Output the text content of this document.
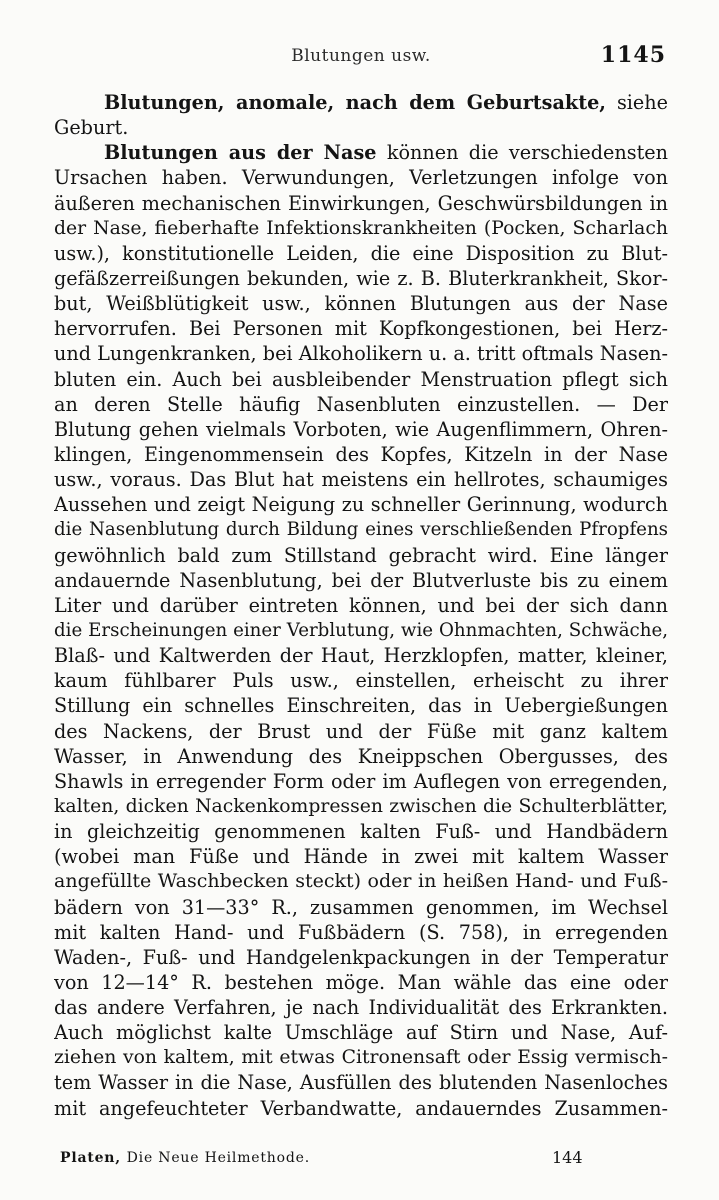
Blutungen usw.	1145
Blutungen, anomale, nach dem Geburtsakte, siehe
Geburt.
Blutungen aus der Nase können die verschiedensten
Ursachen haben. Verwundungen, Verletzungen infolge von
äußeren mechanischen Einwirkungen, Geschwürsbildungen in
der Nase, fieberhafte Infektionskrankheiten (Pocken, Scharlach
usw.), konstitutionelle Leiden, die eine Disposition zu Blut-
gefäßzerreißungen bekunden, wie z. B. Bluterkrankheit, Skor-
but, Weißblütigkeit usw., können Blutungen aus der Nase
hervorrufen. Bei Personen mit Kopfkongestionen, bei Herz-
und Lungenkranken, bei Alkoholikern u. a. tritt oftmals Nasen-
bluten ein. Auch bei ausbleibender Menstruation pflegt sich
an deren Stelle häufig Nasenbluten einzustellen. — Der
Blutung gehen vielmals Vorboten, wie Augenflimmern, Ohren-
klingen, Eingenommensein des Kopfes, Kitzeln in der Nase
usw., voraus. Das Blut hat meistens ein hellrotes, schaumiges
Aussehen und zeigt Neigung zu schneller Gerinnung, wodurch
die Nasenblutung durch Bildung eines verschließenden Pfropfens
gewöhnlich bald zum Stillstand gebracht wird. Eine länger
andauernde Nasenblutung, bei der Blutverluste bis zu einem
Liter und darüber eintreten können, und bei der sich dann
die Erscheinungen einer Verblutung, wie Ohnmachten, Schwäche,
Blaß- und Kaltwerden der Haut, Herzklopfen, matter, kleiner,
kaum fühlbarer Puls usw., einstellen, erheischt zu ihrer
Stillung ein schnelles Einschreiten, das in Uebergießungen
des Nackens, der Brust und der Füße mit ganz kaltem
Wasser, in Anwendung des Kneippschen Obergusses, des
Shawls in erregender Form oder im Auflegen von erregenden,
kalten, dicken Nackenkompressen zwischen die Schulterblätter,
in gleichzeitig genommenen kalten Fuß- und Handbädern
(wobei man Füße und Hände in zwei mit kaltem Wasser
angefüllte Waschbecken steckt) oder in heißen Hand- und Fuß-
bädern von 31—33° R., zusammen genommen, im Wechsel
mit kalten Hand- und Fußbädern (S. 758), in erregenden
Waden-, Fuß- und Handgelenkpackungen in der Temperatur
von 12—14° R. bestehen möge. Man wähle das eine oder
das andere Verfahren, je nach Individualität des Erkrankten.
Auch möglichst kalte Umschläge auf Stirn und Nase, Auf-
ziehen von kaltem, mit etwas Citronensaft oder Essig vermisch-
tem Wasser in die Nase, Ausfüllen des blutenden Nasenloches
mit angefeuchteter Verbandwatte, andauerndes Zusammen-
Platen, Die Neue Heilmethode.	144
